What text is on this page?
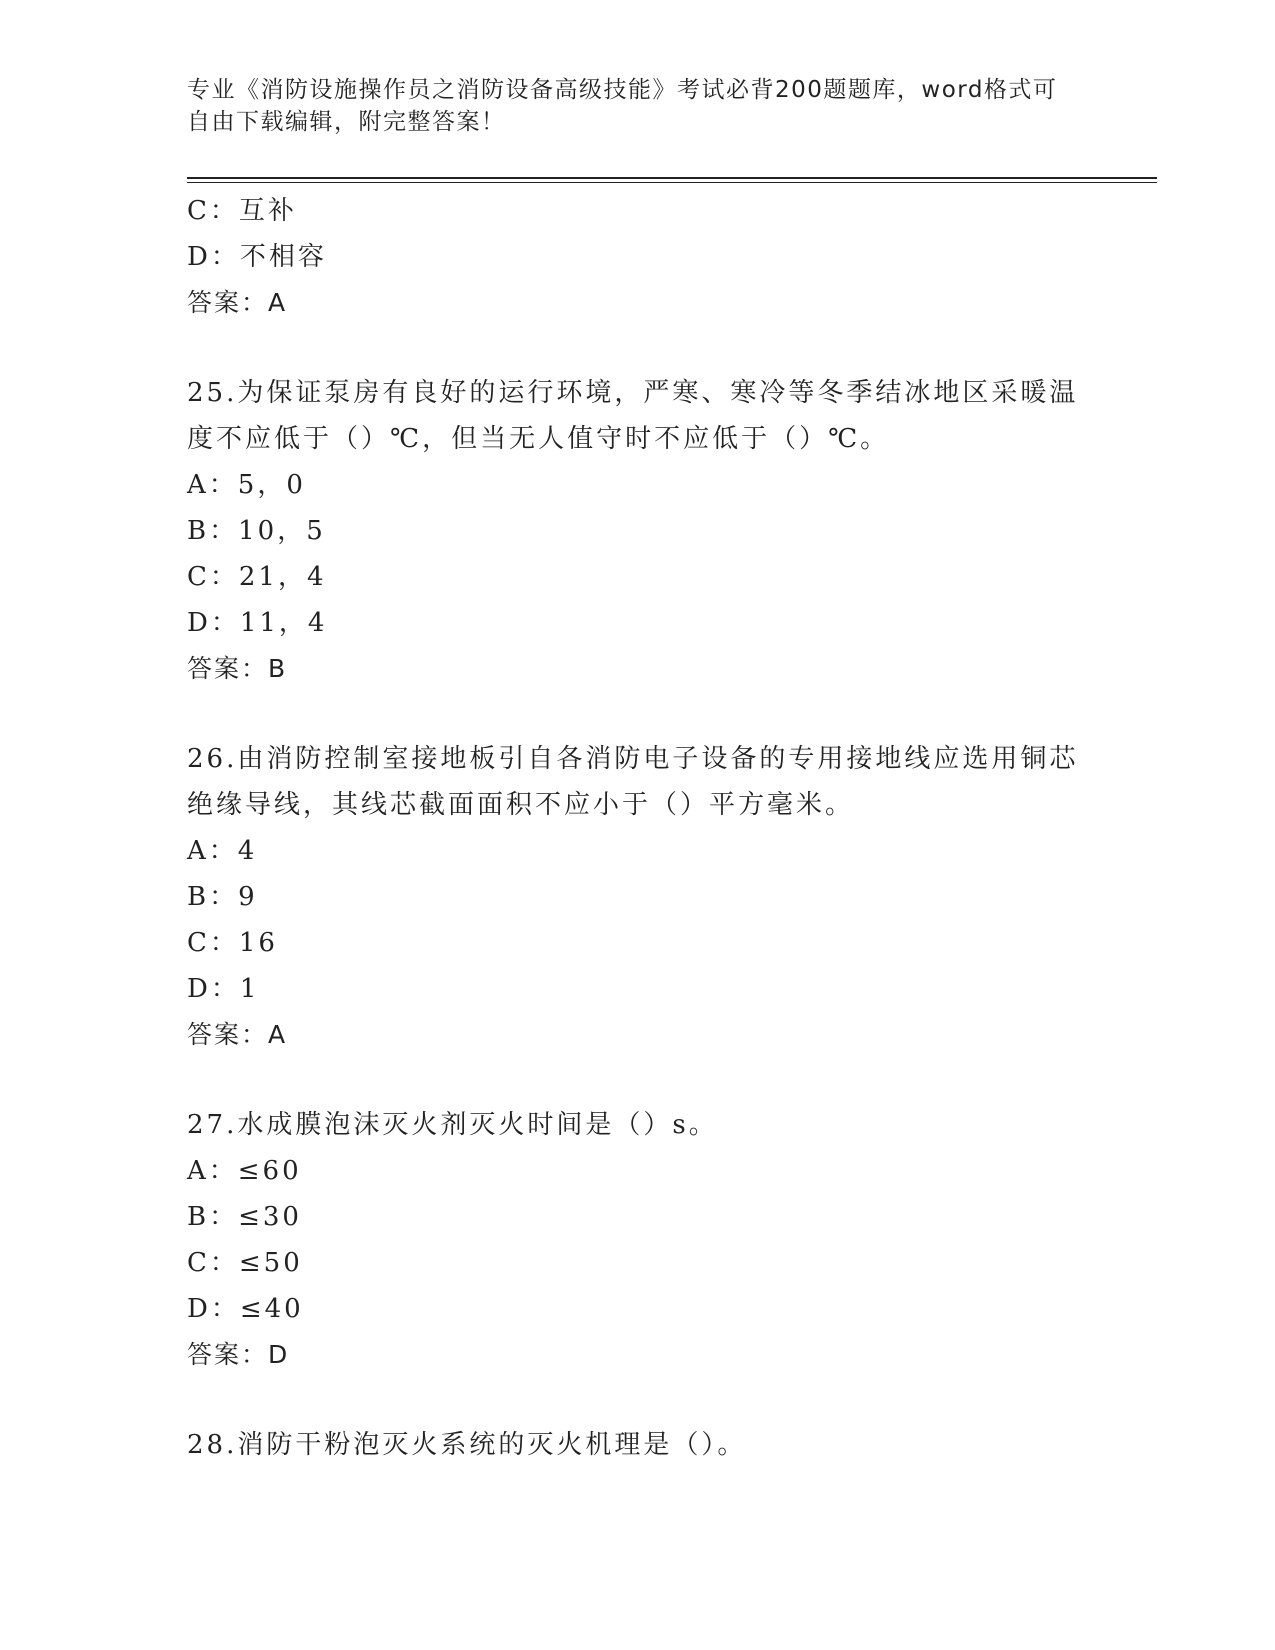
专业《消防设施操作员之消防设备高级技能》考试必背200题题库，word格式可
自由下载编辑，附完整答案！
C：互补
D：不相容
答案：A
25.为保证泵房有良好的运行环境，严寒、寒冷等冬季结冰地区采暖温
度不应低于（）℃，但当无人值守时不应低于（）℃。
A：5，0
B：10，5
C：21，4
D：11，4
答案：B
26.由消防控制室接地板引自各消防电子设备的专用接地线应选用铜芯
绝缘导线，其线芯截面面积不应小于（）平方毫米。
A：4
B：9
C：16
D：1
答案：A
27.水成膜泡沫灭火剂灭火时间是（）s。
A：≤60
B：≤30
C：≤50
D：≤40
答案：D
28.消防干粉泡灭火系统的灭火机理是（）。
